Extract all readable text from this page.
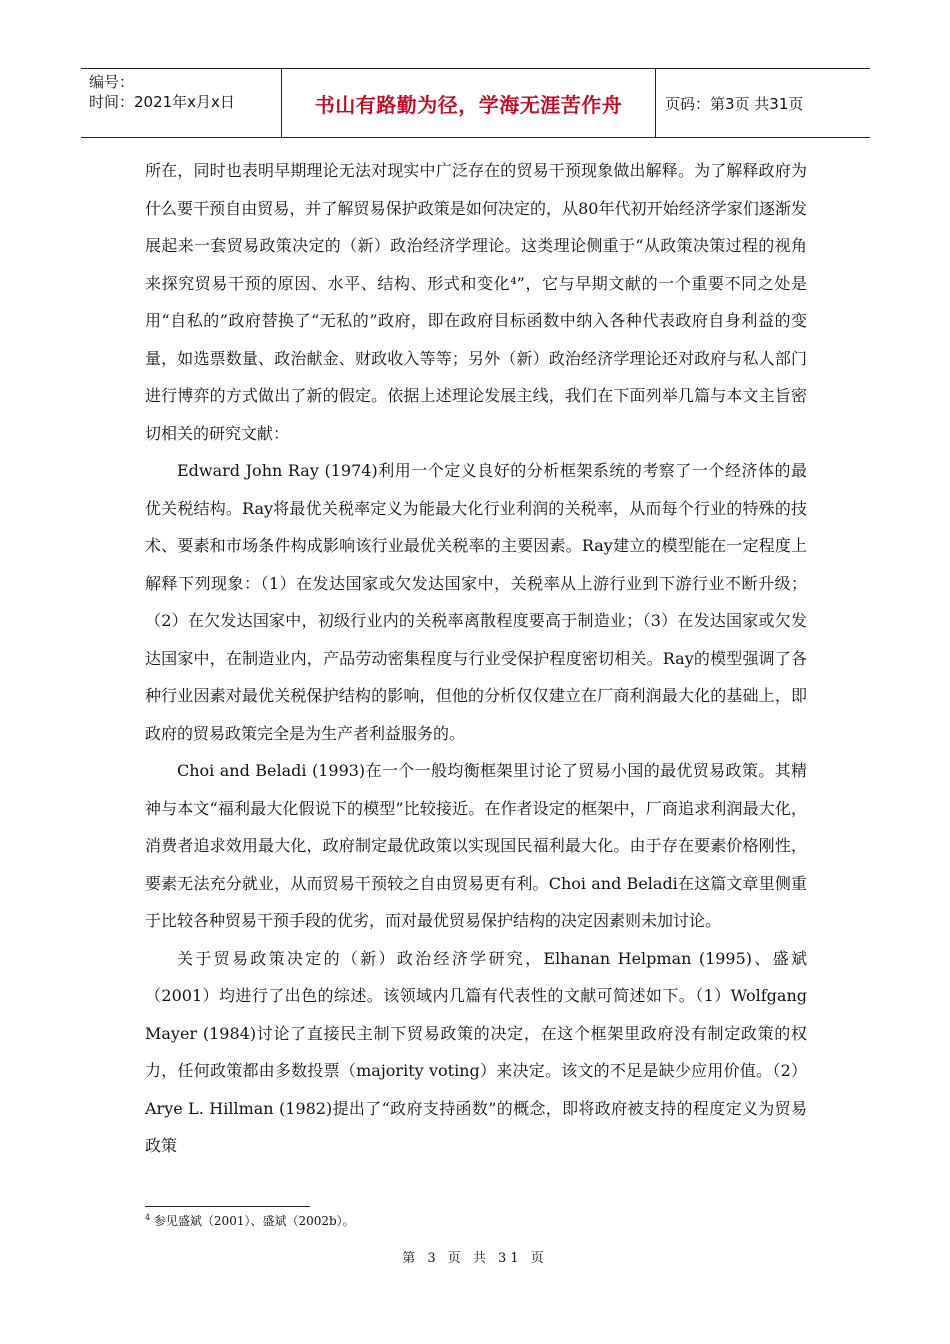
编号：
时间：2021年x月x日	书山有路勤为径，学海无涯苦作舟	页码：第3页 共31页

所在，同时也表明早期理论无法对现实中广泛存在的贸易干预现象做出解释。为了解释政府为什么要干预自由贸易，并了解贸易保护政策是如何决定的，从80年代初开始经济学家们逐渐发展起来一套贸易政策决定的（新）政治经济学理论。这类理论侧重于“从政策决策过程的视角来探究贸易干预的原因、水平、结构、形式和变化⁴”，它与早期文献的一个重要不同之处是用“自私的”政府替换了“无私的”政府，即在政府目标函数中纳入各种代表政府自身利益的变量，如选票数量、政治献金、财政收入等等；另外（新）政治经济学理论还对政府与私人部门进行博弈的方式做出了新的假定。依据上述理论发展主线，我们在下面列举几篇与本文主旨密切相关的研究文献：

Edward John Ray (1974)利用一个定义良好的分析框架系统的考察了一个经济体的最优关税结构。Ray将最优关税率定义为能最大化行业利润的关税率，从而每个行业的特殊的技术、要素和市场条件构成影响该行业最优关税率的主要因素。Ray建立的模型能在一定程度上解释下列现象：（1）在发达国家或欠发达国家中，关税率从上游行业到下游行业不断升级；（2）在欠发达国家中，初级行业内的关税率离散程度要高于制造业；（3）在发达国家或欠发达国家中，在制造业内，产品劳动密集程度与行业受保护程度密切相关。Ray的模型强调了各种行业因素对最优关税保护结构的影响，但他的分析仅仅建立在厂商利润最大化的基础上，即政府的贸易政策完全是为生产者利益服务的。

Choi and Beladi (1993)在一个一般均衡框架里讨论了贸易小国的最优贸易政策。其精神与本文“福利最大化假说下的模型”比较接近。在作者设定的框架中，厂商追求利润最大化，消费者追求效用最大化，政府制定最优政策以实现国民福利最大化。由于存在要素价格刚性，要素无法充分就业，从而贸易干预较之自由贸易更有利。Choi and Beladi在这篇文章里侧重于比较各种贸易干预手段的优劣，而对最优贸易保护结构的决定因素则未加讨论。

关于贸易政策决定的（新）政治经济学研究，Elhanan Helpman (1995)、盛斌（2001）均进行了出色的综述。该领域内几篇有代表性的文献可简述如下。（1）Wolfgang Mayer (1984)讨论了直接民主制下贸易政策的决定，在这个框架里政府没有制定政策的权力，任何政策都由多数投票（majority voting）来决定。该文的不足是缺少应用价值。（2）Arye L. Hillman (1982)提出了“政府支持函数”的概念，即将政府被支持的程度定义为贸易政策

$^4$ 参见盛斌（2001）、盛斌（2002b）。
第 3 页 共 31 页
